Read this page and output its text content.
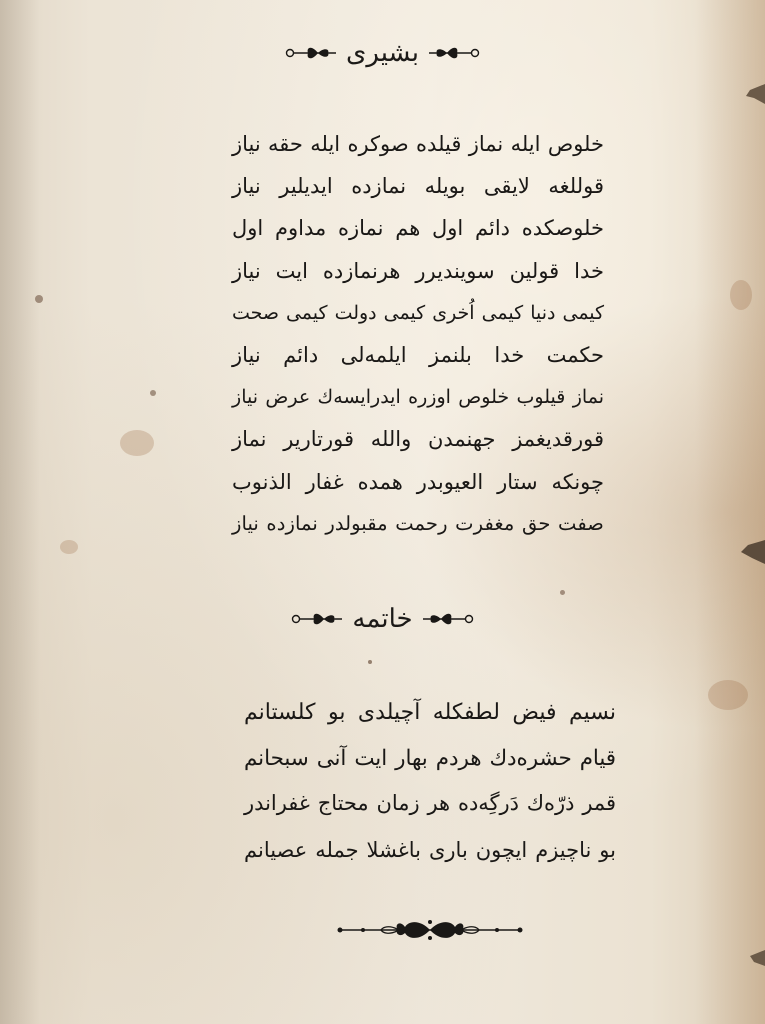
بشیری
خلوص ایله نماز قیلده صوکره ایله حقه نیاز
قوللغه لایقی بویله نمازده ایدیلیر نیاز
خلوصکده دائم اول هم نمازه مداوم اول
خدا قولین سویندیرر هرنمازده ایت نیاز
کیمی دنیا کیمی اُخری کیمی دولت کیمی صحت
حکمت خدا بلنمز ایلمه‌لی دائم نیاز
نماز قیلوب خلوص اوزره ایدرایسه‌ك عرض نیاز
قورقدیغمز جهنمدن والله قورتاریر نماز
چونکه ستار العیوبدر همده غفار الذنوب
صفت حق مغفرت رحمت مقبولدر نمازده نیاز
خاتمه
نسیم فیض لطفکله آچیلدی بو کلستانم
قیام حشره‌دك هردم بهار ایت آنی سبحانم
قمر ذرّه‌ك دَرگِه‌ده هر زمان محتاج غفراندر
بو ناچیزم ایچون باری باغشلا جمله عصیانم
